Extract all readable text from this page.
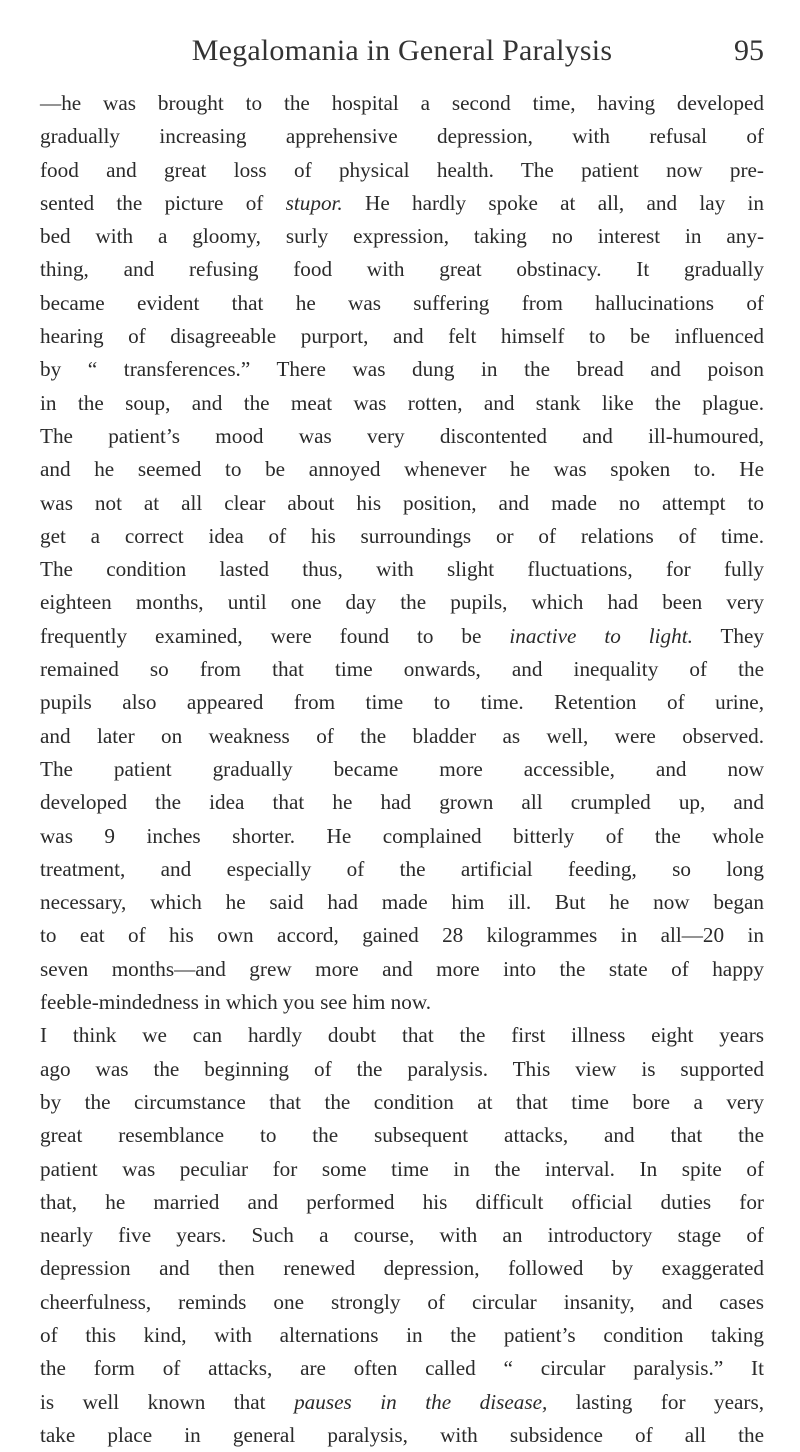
Megalomania in General Paralysis	95
—he was brought to the hospital a second time, having developed
gradually increasing apprehensive depression, with refusal of
food and great loss of physical health. The patient now pre-
sented the picture of stupor. He hardly spoke at all, and lay in
bed with a gloomy, surly expression, taking no interest in any-
thing, and refusing food with great obstinacy. It gradually
became evident that he was suffering from hallucinations of
hearing of disagreeable purport, and felt himself to be influenced
by “ transferences.” There was dung in the bread and poison
in the soup, and the meat was rotten, and stank like the plague.
The patient’s mood was very discontented and ill-humoured,
and he seemed to be annoyed whenever he was spoken to. He
was not at all clear about his position, and made no attempt to
get a correct idea of his surroundings or of relations of time.
The condition lasted thus, with slight fluctuations, for fully
eighteen months, until one day the pupils, which had been very
frequently examined, were found to be inactive to light. They
remained so from that time onwards, and inequality of the
pupils also appeared from time to time. Retention of urine,
and later on weakness of the bladder as well, were observed.
The patient gradually became more accessible, and now
developed the idea that he had grown all crumpled up, and
was 9 inches shorter. He complained bitterly of the whole
treatment, and especially of the artificial feeding, so long
necessary, which he said had made him ill. But he now began
to eat of his own accord, gained 28 kilogrammes in all—20 in
seven months—and grew more and more into the state of happy
feeble-mindedness in which you see him now.
I think we can hardly doubt that the first illness eight years
ago was the beginning of the paralysis. This view is supported
by the circumstance that the condition at that time bore a very
great resemblance to the subsequent attacks, and that the
patient was peculiar for some time in the interval. In spite of
that, he married and performed his difficult official duties for
nearly five years. Such a course, with an introductory stage of
depression and then renewed depression, followed by exaggerated
cheerfulness, reminds one strongly of circular insanity, and cases
of this kind, with alternations in the patient’s condition taking
the form of attacks, are often called “ circular paralysis.” It
is well known that pauses in the disease, lasting for years,
take place in general paralysis, with subsidence of all the
